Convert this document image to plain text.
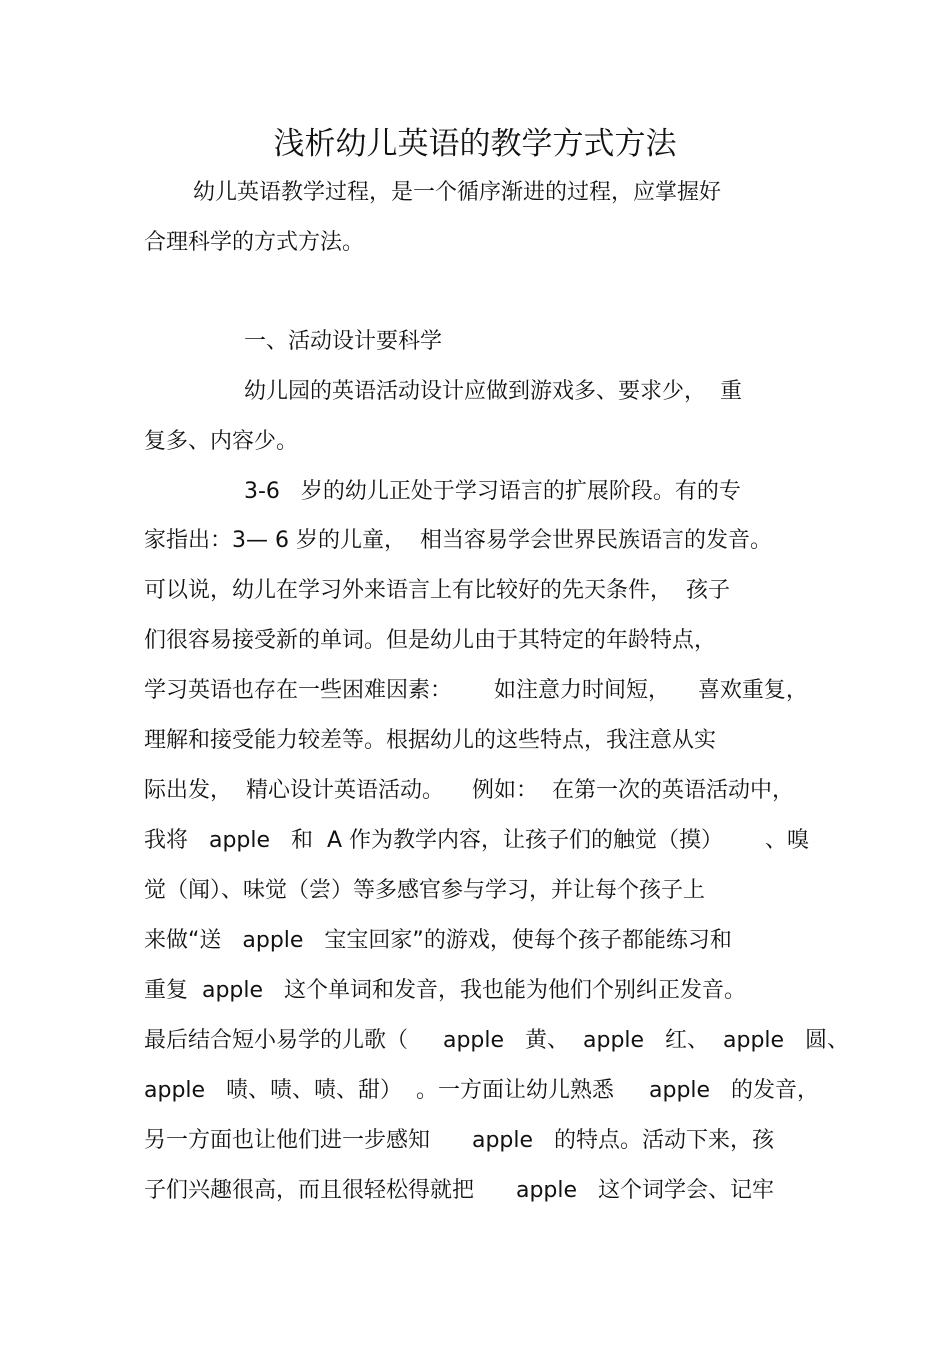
浅析幼儿英语的教学方式方法

幼儿英语教学过程，是一个循序渐进的过程，应掌握好

合理科学的方式方法。

一、活动设计要科学

幼儿园的英语活动设计应做到游戏多、要求少，  重

复多、内容少。

3-6   岁的幼儿正处于学习语言的扩展阶段。有的专

家指出：3— 6 岁的儿童，  相当容易学会世界民族语言的发音。

可以说，幼儿在学习外来语言上有比较好的先天条件，  孩子

们很容易接受新的单词。但是幼儿由于其特定的年龄特点，

学习英语也存在一些困难因素：      如注意力时间短，    喜欢重复，

理解和接受能力较差等。根据幼儿的这些特点，我注意从实

际出发，  精心设计英语活动。    例如：  在第一次的英语活动中，

我将   apple   和  A 作为教学内容，让孩子们的触觉（摸）      、嗅

觉（闻）、味觉（尝）等多感官参与学习，并让每个孩子上

来做“送   apple   宝宝回家”的游戏，使每个孩子都能练习和

重复  apple   这个单词和发音，我也能为他们个别纠正发音。

最后结合短小易学的儿歌（     apple   黄、  apple   红、  apple   圆、

apple   啧、啧、啧、甜）  。一方面让幼儿熟悉     apple   的发音，

另一方面也让他们进一步感知      apple   的特点。活动下来，孩

子们兴趣很高，而且很轻松得就把      apple   这个词学会、记牢
